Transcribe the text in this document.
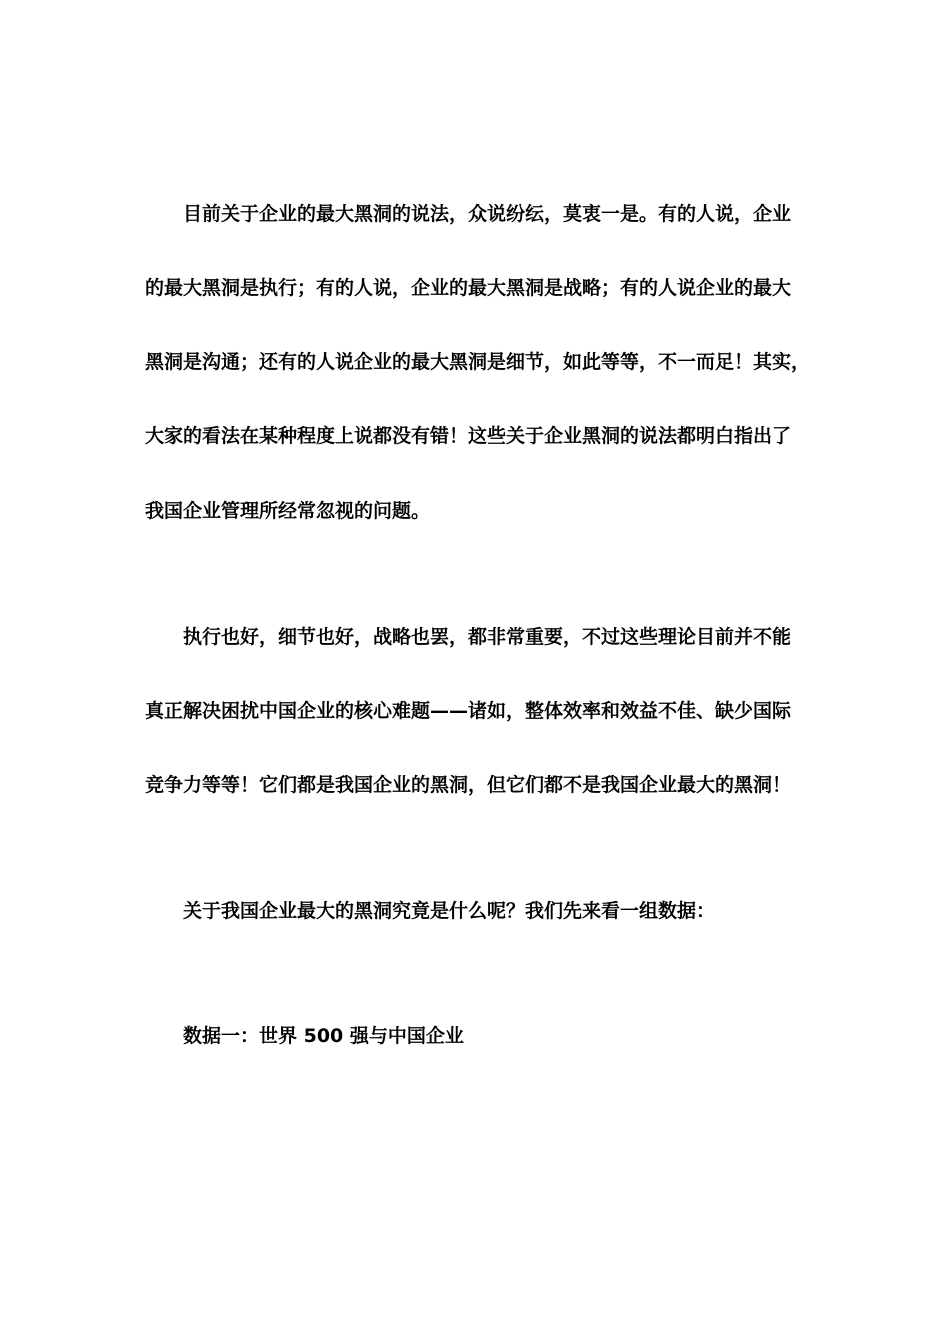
目前关于企业的最大黑洞的说法，众说纷纭，莫衷一是。有的人说，企业
的最大黑洞是执行；有的人说，企业的最大黑洞是战略；有的人说企业的最大
黑洞是沟通；还有的人说企业的最大黑洞是细节，如此等等，不一而足！其实，
大家的看法在某种程度上说都没有错！这些关于企业黑洞的说法都明白指出了
我国企业管理所经常忽视的问题。
执行也好，细节也好，战略也罢，都非常重要，不过这些理论目前并不能
真正解决困扰中国企业的核心难题——诸如，整体效率和效益不佳、缺少国际
竞争力等等！它们都是我国企业的黑洞，但它们都不是我国企业最大的黑洞！
关于我国企业最大的黑洞究竟是什么呢？我们先来看一组数据：
数据一：世界 500 强与中国企业
